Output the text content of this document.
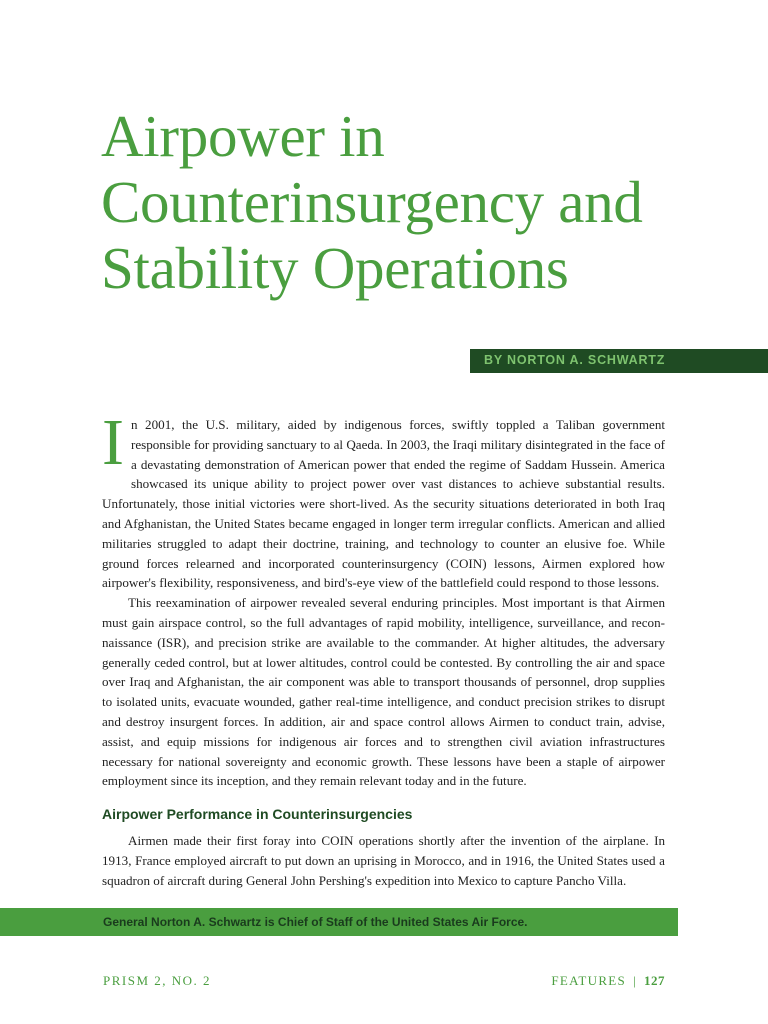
Airpower in
Counterinsurgency and
Stability Operations
BY NORTON A. SCHWARTZ

In 2001, the U.S. military, aided by indigenous forces, swiftly toppled a Taliban government responsible for providing sanctuary to al Qaeda. In 2003, the Iraqi military disintegrated in the face of a devastating demonstration of American power that ended the regime of Saddam Hussein. America showcased its unique ability to project power over vast distances to achieve substantial results. Unfortunately, those initial victories were short-lived. As the security situations deteriorated in both Iraq and Afghanistan, the United States became engaged in longer term irregular conflicts. American and allied militaries struggled to adapt their doctrine, training, and technology to counter an elusive foe. While ground forces relearned and incorporated counterinsurgency (COIN) lessons, Airmen explored how airpower's flexibility, responsiveness, and bird's-eye view of the battlefield could respond to those lessons.

This reexamination of airpower revealed several enduring principles. Most important is that Airmen must gain airspace control, so the full advantages of rapid mobility, intelligence, surveillance, and reconnaissance (ISR), and precision strike are available to the commander. At higher altitudes, the adversary generally ceded control, but at lower altitudes, control could be contested. By controlling the air and space over Iraq and Afghanistan, the air component was able to transport thousands of personnel, drop supplies to isolated units, evacuate wounded, gather real-time intelligence, and conduct precision strikes to disrupt and destroy insurgent forces. In addition, air and space control allows Airmen to conduct train, advise, assist, and equip missions for indigenous air forces and to strengthen civil aviation infrastructures necessary for national sovereignty and economic growth. These lessons have been a staple of airpower employment since its inception, and they remain relevant today and in the future.

Airpower Performance in Counterinsurgencies

Airmen made their first foray into COIN operations shortly after the invention of the airplane. In 1913, France employed aircraft to put down an uprising in Morocco, and in 1916, the United States used a squadron of aircraft during General John Pershing's expedition into Mexico to capture Pancho Villa.

General Norton A. Schwartz is Chief of Staff of the United States Air Force.
PRISM 2, NO. 2	FEATURES | 127
